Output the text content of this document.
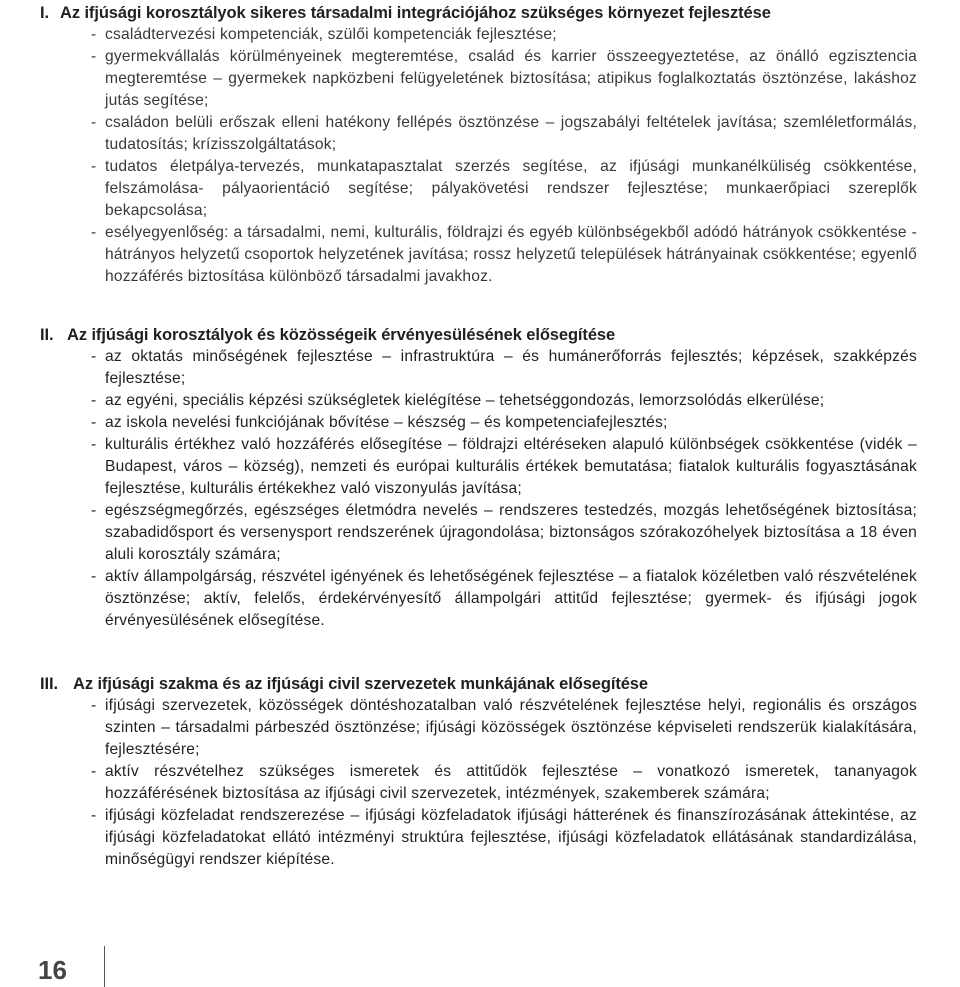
I. Az ifjúsági korosztályok sikeres társadalmi integrációjához szükséges környezet fejlesztése
- családtervezési kompetenciák, szülői kompetenciák fejlesztése;
- gyermekvállalás körülményeinek megteremtése, család és karrier összeegyeztetése, az önálló egzisztencia megteremtése – gyermekek napközbeni felügyeletének biztosítása; atipikus foglalkoztatás ösztönzése, lakáshoz jutás segítése;
- családon belüli erőszak elleni hatékony fellépés ösztönzése – jogszabályi feltételek javítása; szemléletformálás, tudatosítás; krízisszolgáltatások;
- tudatos életpálya-tervezés, munkatapasztalat szerzés segítése, az ifjúsági munkanélküliség csökkentése, felszámolása- pályaorientáció segítése; pályakövetési rendszer fejlesztése; munkaerőpiaci szereplők bekapcsolása;
- esélyegyenlőség: a társadalmi, nemi, kulturális, földrajzi és egyéb különbségekből adódó hátrányok csökkentése - hátrányos helyzetű csoportok helyzetének javítása; rossz helyzetű települések hátrányainak csökkentése; egyenlő hozzáférés biztosítása különböző társadalmi javakhoz.
II. Az ifjúsági korosztályok és közösségeik érvényesülésének elősegítése
- az oktatás minőségének fejlesztése – infrastruktúra – és humánerőforrás fejlesztés; képzések, szakképzés fejlesztése;
- az egyéni, speciális képzési szükségletek kielégítése – tehetséggondozás, lemorzsolódás elkerülése;
- az iskola nevelési funkciójának bővítése – készség – és kompetenciafejlesztés;
- kulturális értékhez való hozzáférés elősegítése – földrajzi eltéréseken alapuló különbségek csökkentése (vidék – Budapest, város – község), nemzeti és európai kulturális értékek bemutatása; fiatalok kulturális fogyasztásának fejlesztése, kulturális értékekhez való viszonyulás javítása;
- egészségmegőrzés, egészséges életmódra nevelés – rendszeres testedzés, mozgás lehetőségének biztosítása; szabadidősport és versenysport rendszerének újragondolása; biztonságos szórakozóhelyek biztosítása a 18 éven aluli korosztály számára;
- aktív állampolgárság, részvétel igényének és lehetőségének fejlesztése – a fiatalok közéletben való részvételének ösztönzése; aktív, felelős, érdekérvényesítő állampolgári attitűd fejlesztése; gyermek- és ifjúsági jogok érvényesülésének elősegítése.
III. Az ifjúsági szakma és az ifjúsági civil szervezetek munkájának elősegítése
- ifjúsági szervezetek, közösségek döntéshozatalban való részvételének fejlesztése helyi, regionális és országos szinten – társadalmi párbeszéd ösztönzése; ifjúsági közösségek ösztönzése képviseleti rendszerük kialakítására, fejlesztésére;
- aktív részvételhez szükséges ismeretek és attitűdök fejlesztése – vonatkozó ismeretek, tananyagok hozzáférésének biztosítása az ifjúsági civil szervezetek, intézmények, szakemberek számára;
- ifjúsági közfeladat rendszerezése – ifjúsági közfeladatok ifjúsági hátterének és finanszírozásának áttekintése, az ifjúsági közfeladatokat ellátó intézményi struktúra fejlesztése, ifjúsági közfeladatok ellátásának standardizálása, minőségügyi rendszer kiépítése.
16
